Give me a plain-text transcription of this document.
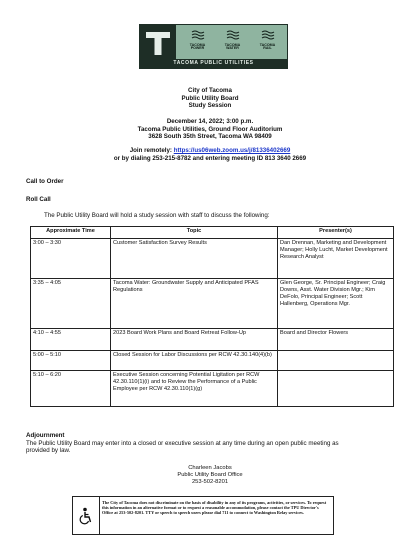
TACOMA
POWER
TACOMA
WATER
TACOMA
RAIL
TACOMA PUBLIC UTILITIES
City of Tacoma
Public Utility Board
Study Session
December 14, 2022; 3:00 p.m.
Tacoma Public Utilities, Ground Floor Auditorium
3628 South 35th Street, Tacoma WA 98409
Join remotely: https://us06web.zoom.us/j/81336402669
or by dialing 253-215-8782 and entering meeting ID 813 3640 2669
Call to Order
Roll Call
The Public Utility Board will hold a study session with staff to discuss the following:
Approximate Time	Topic	Presenter(s)
3:00 – 3:30	Customer Satisfaction Survey Results	Dan Drennan, Marketing and Development Manager; Holly Lucht, Market Development Research Analyst
3:35 – 4:05	Tacoma Water: Groundwater Supply and Anticipated PFAS Regulations	Glen George, Sr. Principal Engineer; Craig Downs, Asst. Water Division Mgr.; Kim DeFolo, Principal Engineer; Scott Hallenberg, Operations Mgr.
4:10 – 4:55	2023 Board Work Plans and Board Retreat Follow-Up	Board and Director Flowers
5:00 – 5:10	Closed Session for Labor Discussions per RCW 42.30.140(4)(b)	
5:10 – 6:20	Executive Session concerning Potential Ligitation per RCW 42.30.110(1)(i) and to Review the Performance of a Public Employee per RCW 42.30.110(1)(g)	
Adjournment
The Public Utility Board may enter into a closed or executive session at any time during an open public meeting as provided by law.
Charleen Jacobs
Public Utility Board Office
253-502-8201
The City of Tacoma does not discriminate on the basis of disability in any of its programs, activities, or services. To request this information in an alternative format or to request a reasonable accommodation, please contact the TPU Director's Office at 253-502-8201. TTY or speech to speech users please dial 711 to connect to Washington Relay services.
